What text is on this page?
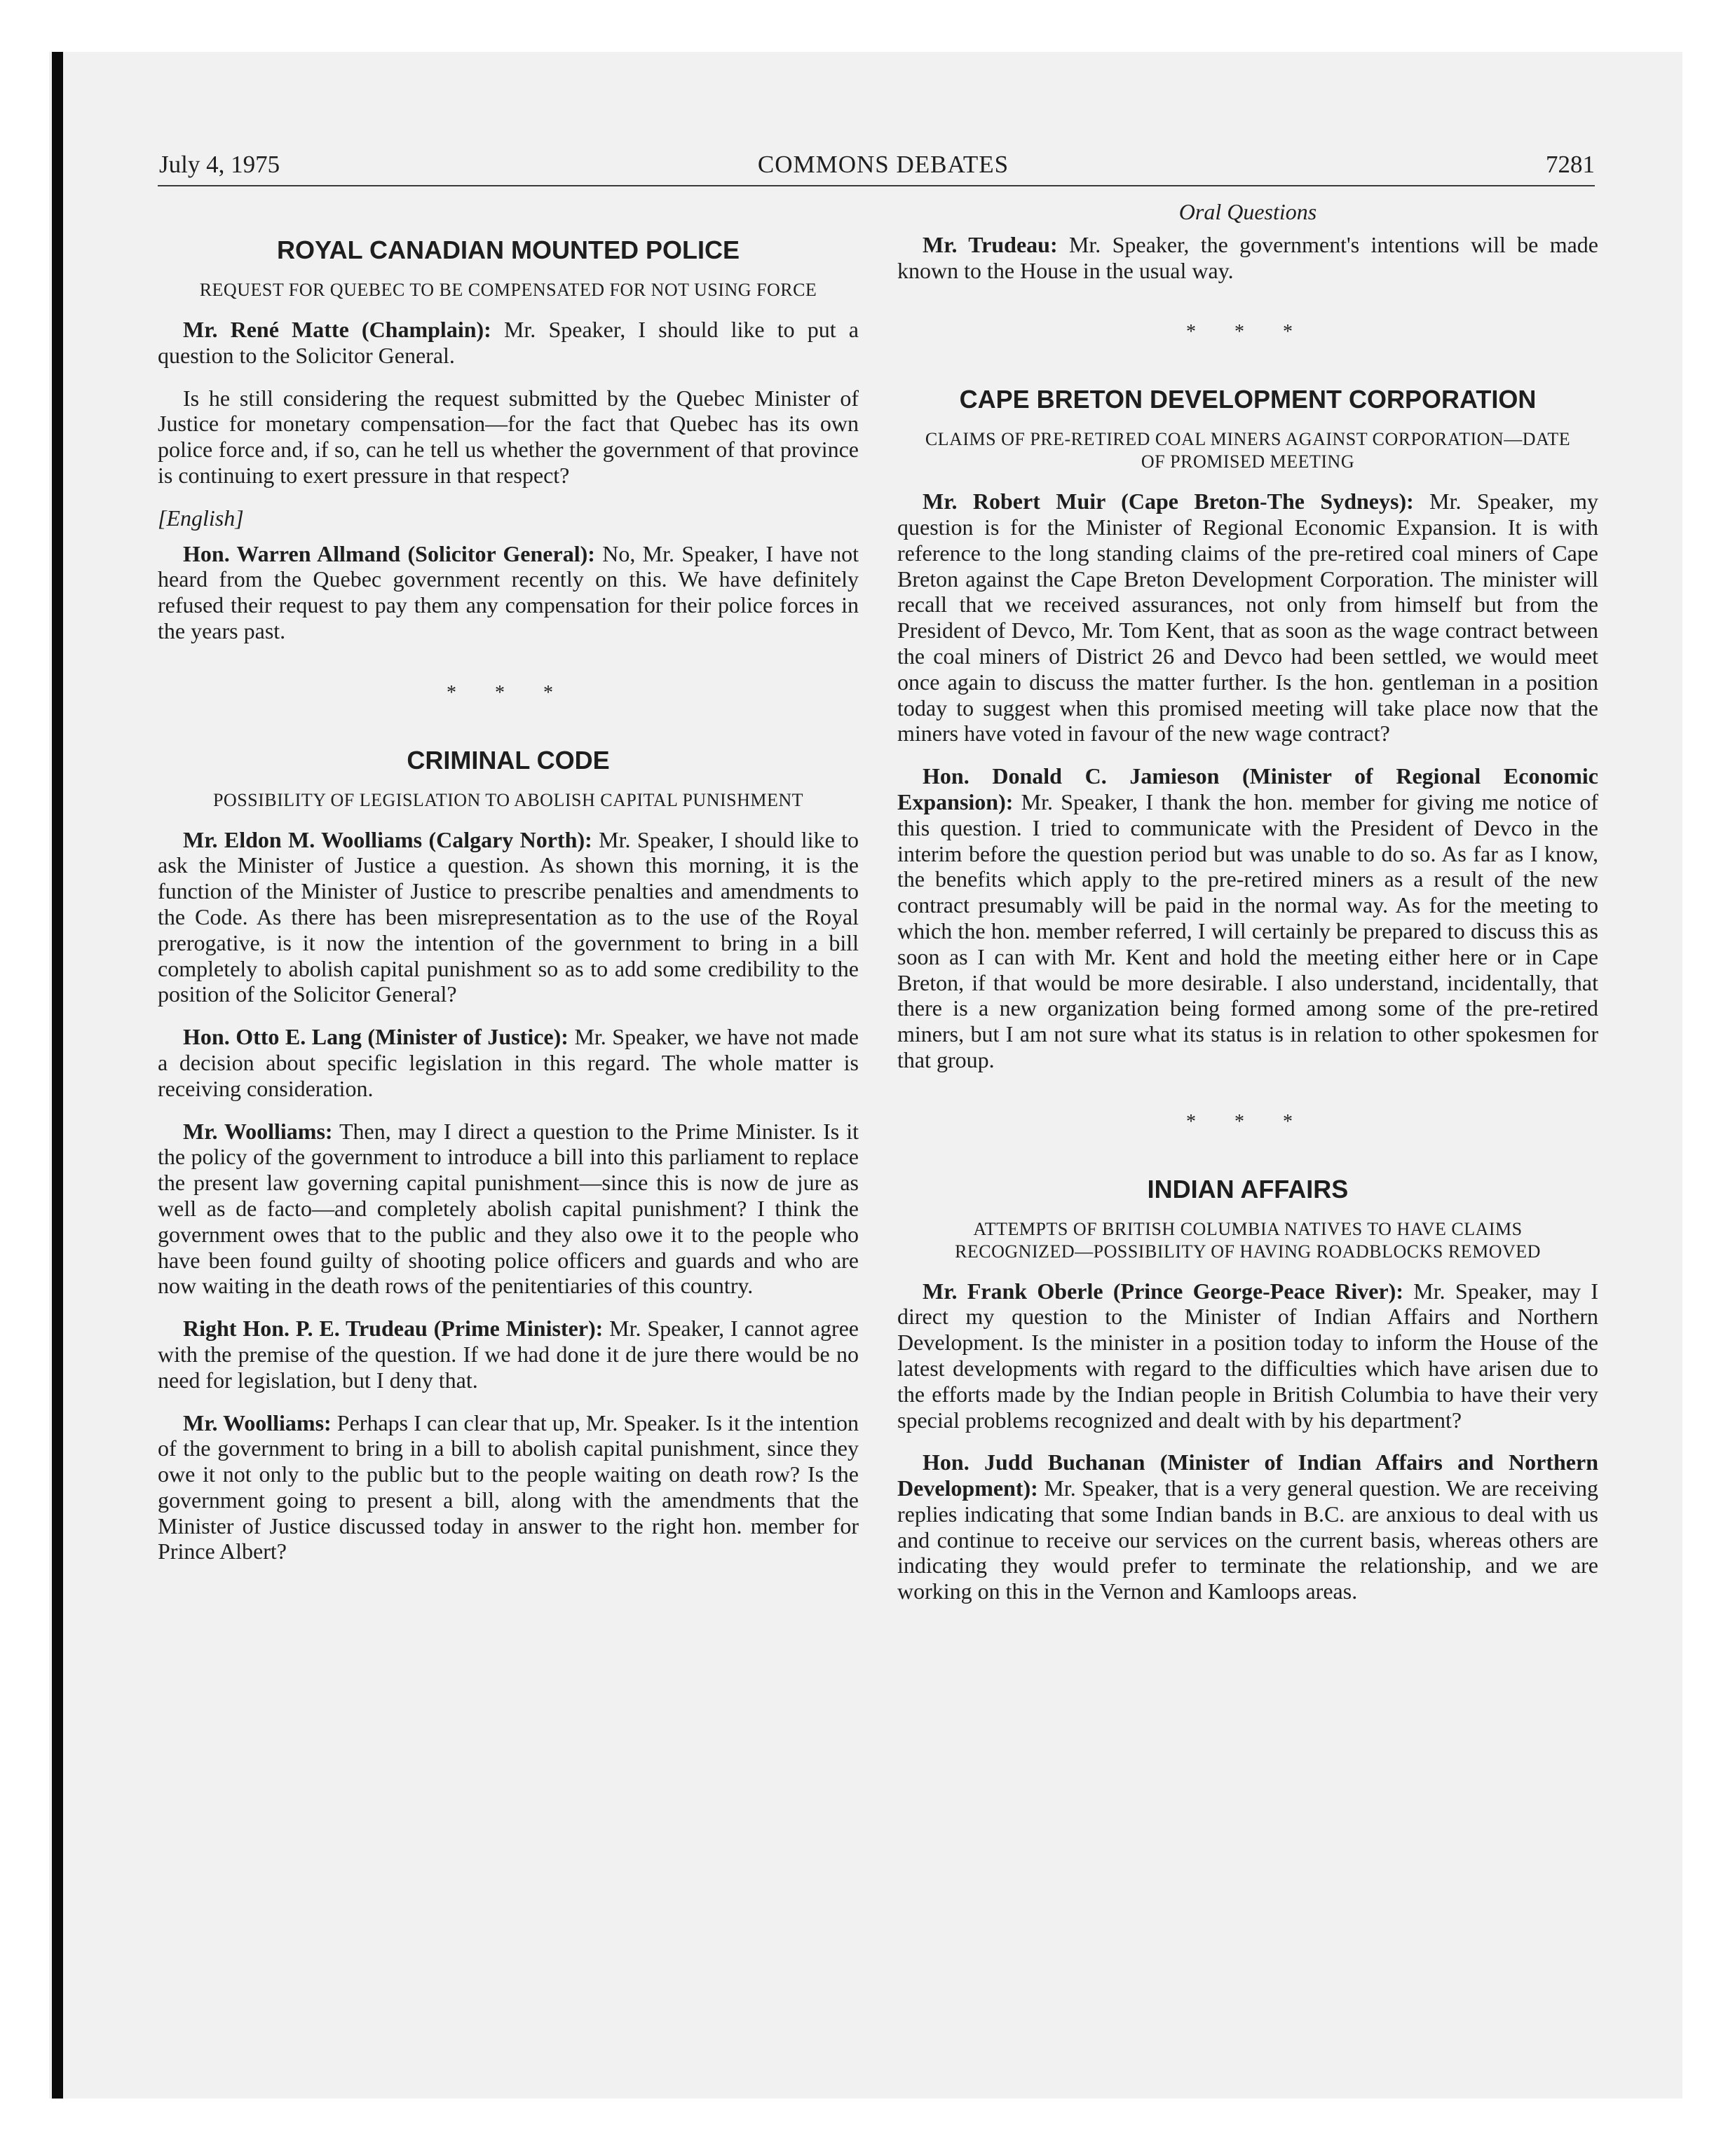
July 4, 1975	COMMONS DEBATES	7281
ROYAL CANADIAN MOUNTED POLICE
REQUEST FOR QUEBEC TO BE COMPENSATED FOR NOT USING FORCE

Mr. René Matte (Champlain): Mr. Speaker, I should like to put a question to the Solicitor General.

Is he still considering the request submitted by the Quebec Minister of Justice for monetary compensation—for the fact that Quebec has its own police force and, if so, can he tell us whether the government of that province is continuing to exert pressure in that respect?

[English]

Hon. Warren Allmand (Solicitor General): No, Mr. Speaker, I have not heard from the Quebec government recently on this. We have definitely refused their request to pay them any compensation for their police forces in the years past.

* * *
CRIMINAL CODE
POSSIBILITY OF LEGISLATION TO ABOLISH CAPITAL PUNISHMENT

Mr. Eldon M. Woolliams (Calgary North): Mr. Speaker, I should like to ask the Minister of Justice a question. As shown this morning, it is the function of the Minister of Justice to prescribe penalties and amendments to the Code. As there has been misrepresentation as to the use of the Royal prerogative, is it now the intention of the government to bring in a bill completely to abolish capital punishment so as to add some credibility to the position of the Solicitor General?

Hon. Otto E. Lang (Minister of Justice): Mr. Speaker, we have not made a decision about specific legislation in this regard. The whole matter is receiving consideration.

Mr. Woolliams: Then, may I direct a question to the Prime Minister. Is it the policy of the government to introduce a bill into this parliament to replace the present law governing capital punishment—since this is now de jure as well as de facto—and completely abolish capital punishment? I think the government owes that to the public and they also owe it to the people who have been found guilty of shooting police officers and guards and who are now waiting in the death rows of the penitentiaries of this country.

Right Hon. P. E. Trudeau (Prime Minister): Mr. Speaker, I cannot agree with the premise of the question. If we had done it de jure there would be no need for legislation, but I deny that.

Mr. Woolliams: Perhaps I can clear that up, Mr. Speaker. Is it the intention of the government to bring in a bill to abolish capital punishment, since they owe it not only to the public but to the people waiting on death row? Is the government going to present a bill, along with the amendments that the Minister of Justice discussed today in answer to the right hon. member for Prince Albert?

Oral Questions

Mr. Trudeau: Mr. Speaker, the government's intentions will be made known to the House in the usual way.

* * *
CAPE BRETON DEVELOPMENT CORPORATION
CLAIMS OF PRE-RETIRED COAL MINERS AGAINST CORPORATION—DATE OF PROMISED MEETING

Mr. Robert Muir (Cape Breton-The Sydneys): Mr. Speaker, my question is for the Minister of Regional Economic Expansion. It is with reference to the long standing claims of the pre-retired coal miners of Cape Breton against the Cape Breton Development Corporation. The minister will recall that we received assurances, not only from himself but from the President of Devco, Mr. Tom Kent, that as soon as the wage contract between the coal miners of District 26 and Devco had been settled, we would meet once again to discuss the matter further. Is the hon. gentleman in a position today to suggest when this promised meeting will take place now that the miners have voted in favour of the new wage contract?

Hon. Donald C. Jamieson (Minister of Regional Economic Expansion): Mr. Speaker, I thank the hon. member for giving me notice of this question. I tried to communicate with the President of Devco in the interim before the question period but was unable to do so. As far as I know, the benefits which apply to the pre-retired miners as a result of the new contract presumably will be paid in the normal way. As for the meeting to which the hon. member referred, I will certainly be prepared to discuss this as soon as I can with Mr. Kent and hold the meeting either here or in Cape Breton, if that would be more desirable. I also understand, incidentally, that there is a new organization being formed among some of the pre-retired miners, but I am not sure what its status is in relation to other spokesmen for that group.

* * *
INDIAN AFFAIRS
ATTEMPTS OF BRITISH COLUMBIA NATIVES TO HAVE CLAIMS RECOGNIZED—POSSIBILITY OF HAVING ROADBLOCKS REMOVED

Mr. Frank Oberle (Prince George-Peace River): Mr. Speaker, may I direct my question to the Minister of Indian Affairs and Northern Development. Is the minister in a position today to inform the House of the latest developments with regard to the difficulties which have arisen due to the efforts made by the Indian people in British Columbia to have their very special problems recognized and dealt with by his department?

Hon. Judd Buchanan (Minister of Indian Affairs and Northern Development): Mr. Speaker, that is a very general question. We are receiving replies indicating that some Indian bands in B.C. are anxious to deal with us and continue to receive our services on the current basis, whereas others are indicating they would prefer to terminate the relationship, and we are working on this in the Vernon and Kamloops areas.
